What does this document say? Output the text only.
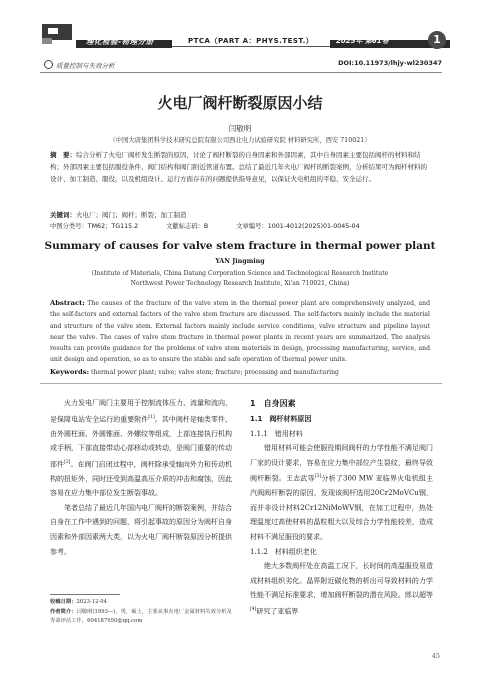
理化检验-物理分册	PTCA（PART A：PHYS.TEST.）	2025年 第61卷	1
质量控制与失效分析	DOI:10.11973/lhjy-wl230347
火电厂阀杆断裂原因小结
闫敬明
（中国大唐集团科学技术研究总院有限公司西北电力试验研究院 材料研究所，西安 710021）
摘　要：综合分析了火电厂阀杆发生断裂的原因，讨论了阀杆断裂的自身因素和外部因素，其中自身因素主要包括阀杆的材料和结构；外部因素主要包括服役条件、阀门结构和阀门附近管道布置。总结了最近几年火电厂阀杆的断裂案例，分析结果可为阀杆材料的设计、加工制造、服役，以及机组设计、运行方面存在的问题提供指导意见，以保证火电机组的平稳、安全运行。
关键词：火电厂；阀门；阀杆；断裂；加工制造
中图分类号：TM62；TG115.2	文献标志码：B	文章编号：1001-4012(2025)01-0045-04
Summary of causes for valve stem fracture in thermal power plant
YAN Jingming
(Institute of Materials, China Datang Corporation Science and Technological Research Institute Northwest Power Technology Research Institute, Xi'an 710021, China)
Abstract: The causes of the fracture of the valve stem in the thermal power plant are comprehensively analyzed, and the self-factors and external factors of the valve stem fracture are discussed. The self-factors mainly include the material and structure of the valve stem. External factors mainly include service conditions, valve structure and pipeline layout near the valve. The cases of valve stem fracture in thermal power plants in recent years are summarized. The analysis results can provide guidance for the problems of valve stem materials in design, processing manufacturing, service, and unit design and operation, so as to ensure the stable and safe operation of thermal power units.
Keywords: thermal power plant; valve; valve stem; fracture; processing and manufacturing

火力发电厂阀门主要用于控制流体压力、流量和流向，是保障电站安全运行的重要附件[1]。其中阀杆是轴类零件，由外圆柱面、外圆锥面、外螺纹等组成，上部连接执行机构或手柄，下部直接带动心部移动或转动，是阀门重要的传动部件[2]。在阀门启闭过程中，阀杆除承受轴向外力和传动机构的扭矩外，同时还受到高温高压介质的冲击和腐蚀，因此容易在应力集中部位发生断裂事故。

笔者总结了最近几年国内电厂阀杆的断裂案例，并结合自身在工作中遇到的问题，将引起事故的原因分为阀杆自身因素和外部因素两大类，以为火电厂阀杆断裂原因分析提供参考。

收稿日期：2023-12-04
作者简介：闫敬明(1993—)，男，硕士，主要从事火电厂金属材料失效分析及寿命评估工作，604187950@qq.com
1　自身因素
1.1　阀杆材料原因
1.1.1　错用材料

错用材料可能会使服役期间阀杆的力学性能不满足阀门厂家的设计要求，容易在应力集中部位产生裂纹，最终导致阀杆断裂。王志武等[3]分析了300 MW 亚临界火电机组主汽阀阀杆断裂的原因，发现该阀杆选用20Cr2MoVCu钢，而并非设计材料2Cr12NiMoWV钢，在加工过程中，热处理温度过高使材料的晶粒粗大以及综合力学性能较差，造成材料不满足服役的要求。

1.1.2　材料组织老化

绝大多数阀杆处在高温工况下，长时间的高温服役易造成材料组织劣化。晶界附近碳化物的析出可导致材料的力学性能不满足标准要求，增加阀杆断裂的潜在风险。郎以超等[4]研究了亚临界

45
